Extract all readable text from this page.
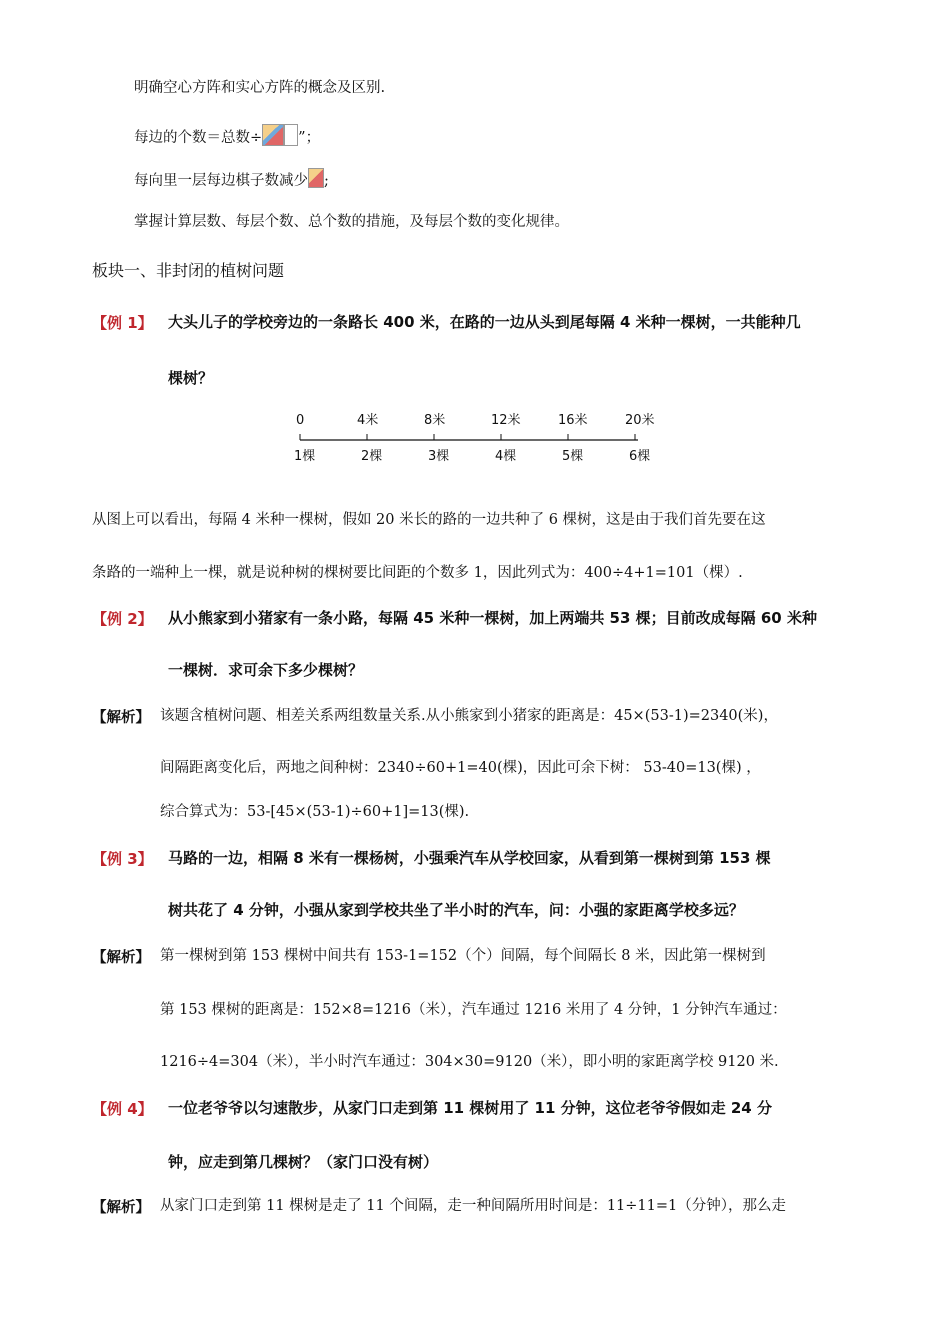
明确空心方阵和实心方阵的概念及区别.
每边的个数＝总数÷ ”；
每向里一层每边棋子数减少 ;
掌握计算层数、每层个数、总个数的措施，及每层个数的变化规律。
板块一、非封闭的植树问题
【例 1】 大头儿子的学校旁边的一条路长 400 米，在路的一边从头到尾每隔 4 米种一棵树，一共能种几
棵树？
0	4米	8米	12米	16米	20米
1棵	2棵	3棵	4棵	5棵	6棵
从图上可以看出，每隔 4 米种一棵树，假如 20 米长的路的一边共种了 6 棵树，这是由于我们首先要在这
条路的一端种上一棵，就是说种树的棵树要比间距的个数多 1，因此列式为：400÷4+1=101（棵）.
【例 2】 从小熊家到小猪家有一条小路，每隔 45 米种一棵树，加上两端共 53 棵；目前改成每隔 60 米种
一棵树．求可余下多少棵树？
【解析】 该题含植树问题、相差关系两组数量关系.从小熊家到小猪家的距离是：45×(53-1)=2340(米)，
间隔距离变化后，两地之间种树：2340÷60+1=40(棵)，因此可余下树： 53-40=13(棵) ，
综合算式为：53-[45×(53-1)÷60+1]=13(棵).
【例 3】 马路的一边，相隔 8 米有一棵杨树，小强乘汽车从学校回家，从看到第一棵树到第 153 棵
树共花了 4 分钟，小强从家到学校共坐了半小时的汽车，问：小强的家距离学校多远？
【解析】 第一棵树到第 153 棵树中间共有 153-1=152（个）间隔，每个间隔长 8 米，因此第一棵树到
第 153 棵树的距离是：152×8=1216（米），汽车通过 1216 米用了 4 分钟，1 分钟汽车通过：
1216÷4=304（米），半小时汽车通过：304×30=9120（米），即小明的家距离学校 9120 米.
【例 4】 一位老爷爷以匀速散步，从家门口走到第 11 棵树用了 11 分钟，这位老爷爷假如走 24 分
钟，应走到第几棵树？（家门口没有树）
【解析】 从家门口走到第 11 棵树是走了 11 个间隔，走一种间隔所用时间是：11÷11=1（分钟），那么走
